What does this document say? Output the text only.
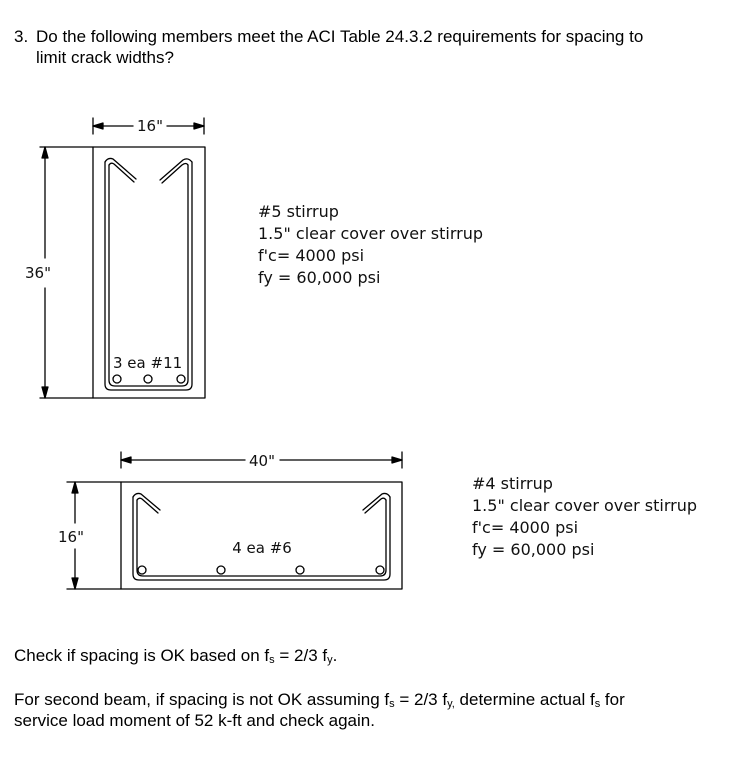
3. Do the following members meet the ACI Table 24.3.2 requirements for spacing to
limit crack widths?
16"
36"
3 ea #11
40"
16"
4 ea #6
#5 stirrup
1.5" clear cover over stirrup
f'c= 4000 psi
fy = 60,000 psi
#4 stirrup
1.5" clear cover over stirrup
f'c= 4000 psi
fy = 60,000 psi
Check if spacing is OK based on $f_s = 2/3$ $f_y$.
For second beam, if spacing is not OK assuming $f_s = 2/3$ $f_{y,}$ determine actual $f_s$ for
service load moment of 52 k-ft and check again.
